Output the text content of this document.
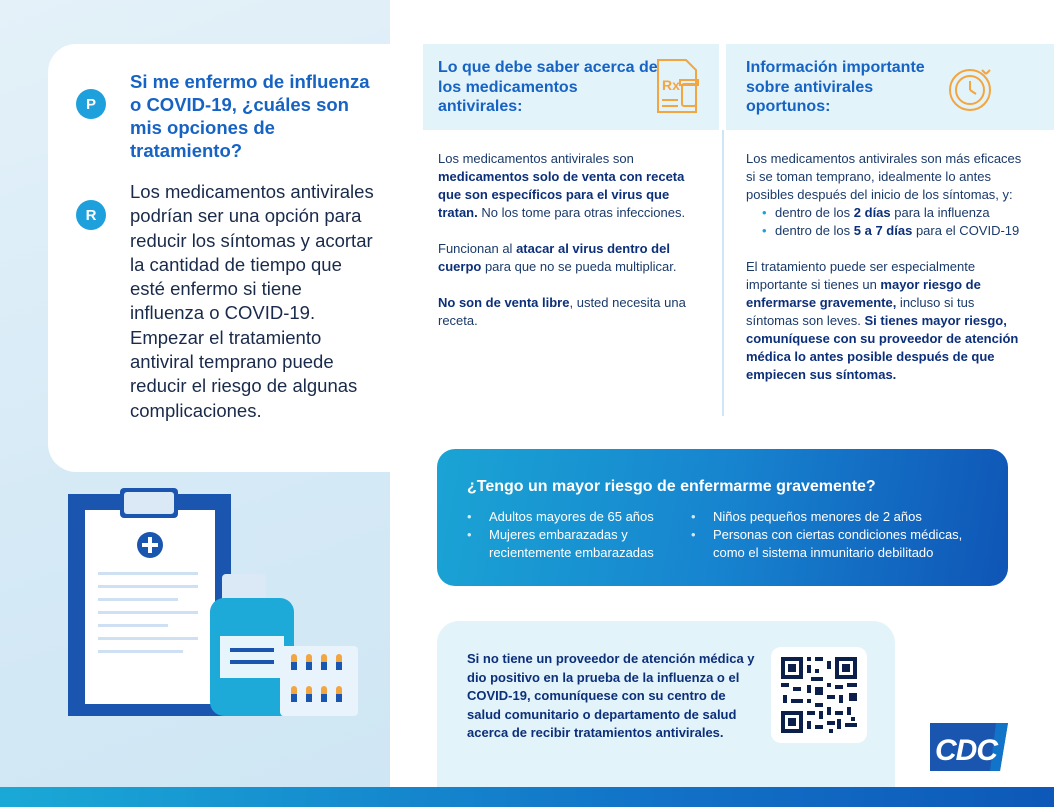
P
Si me enfermo de influenza o COVID-19, ¿cuáles son mis opciones de tratamiento?
R
Los medicamentos antivirales podrían ser una opción para reducir los síntomas y acortar la cantidad de tiempo que esté enfermo si tiene influenza o COVID-19. Empezar el tratamiento antiviral temprano puede reducir el riesgo de algunas complicaciones.
Lo que debe saber acerca de los medicamentos antivirales:
Rx

Los medicamentos antivirales son medicamentos solo de venta con receta que son específicos para el virus que tratan. No los tome para otras infecciones.

Funcionan al atacar al virus dentro del cuerpo para que no se pueda multiplicar.

No son de venta libre, usted necesita una receta.

Información importante sobre antivirales oportunos:

Los medicamentos antivirales son más eficaces si se toman temprano, idealmente lo antes posibles después del inicio de los síntomas, y:

• dentro de los 2 días para la influenza
• dentro de los 5 a 7 días para el COVID-19

El tratamiento puede ser especialmente importante si tienes un mayor riesgo de enfermarse gravemente, incluso si tus síntomas son leves. Si tienes mayor riesgo, comuníquese con su proveedor de atención médica lo antes posible después de que empiecen sus síntomas.

¿Tengo un mayor riesgo de enfermarme gravemente?
• Adultos mayores de 65 años
• Mujeres embarazadas y recientemente embarazadas
• Niños pequeños menores de 2 años
• Personas con ciertas condiciones médicas, como el sistema inmunitario debilitado
Si no tiene un proveedor de atención médica y dio positivo en la prueba de la influenza o el COVID-19, comuníquese con su centro de salud comunitario o departamento de salud acerca de recibir tratamientos antivirales.
CDC
